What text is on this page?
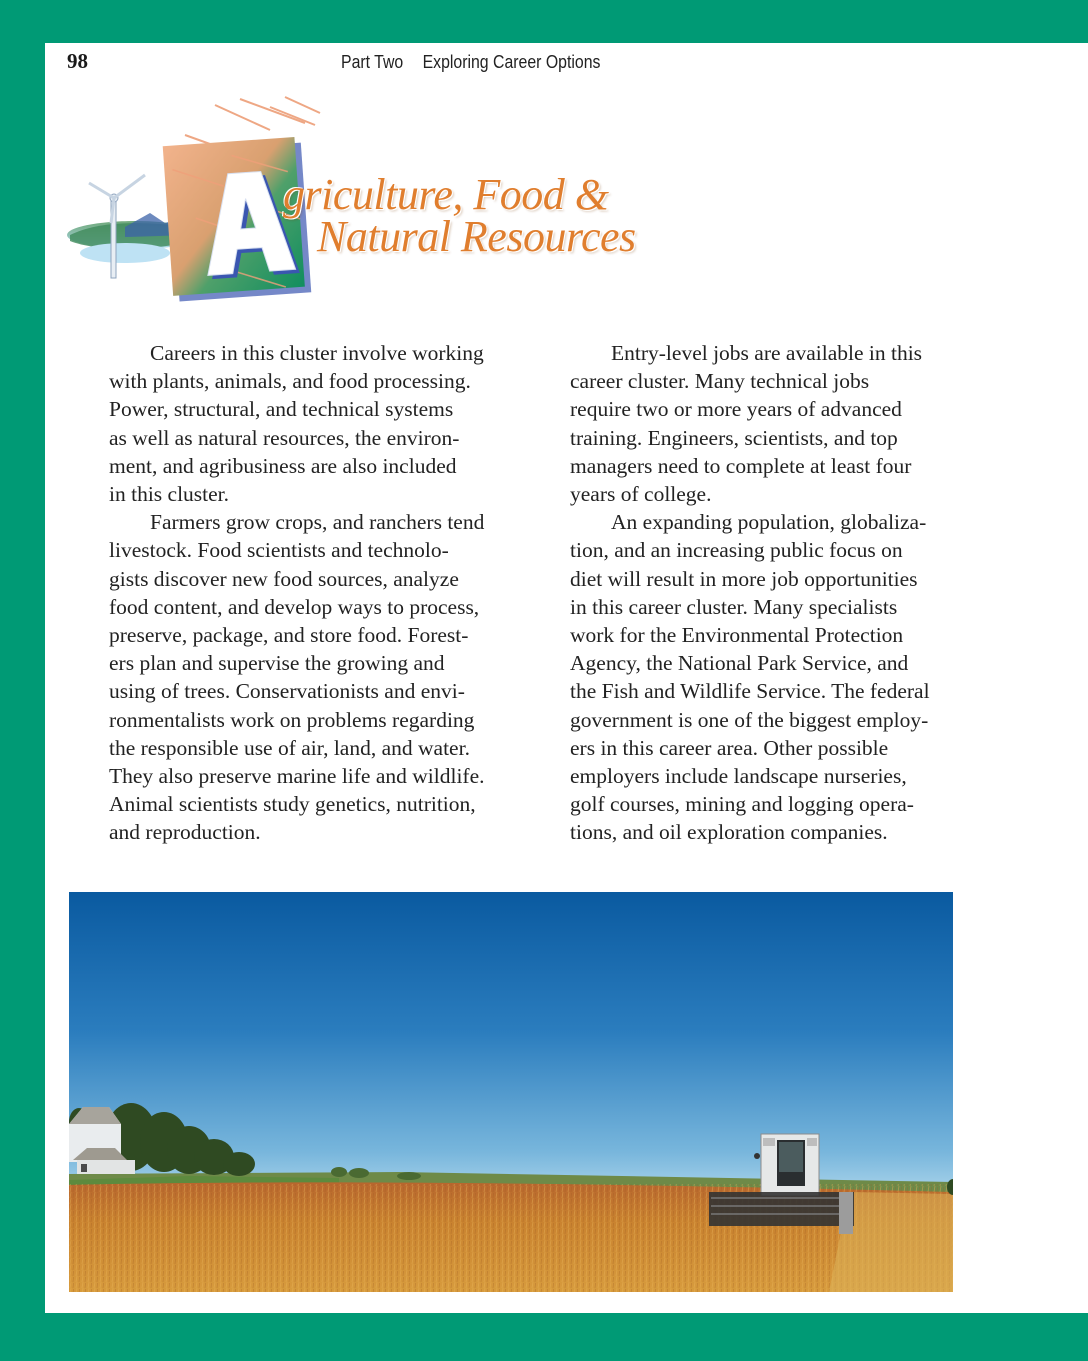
98	Part Two Exploring Career Options
griculture, Food &
Natural Resources

Careers in this cluster involve working
with plants, animals, and food processing.
Power, structural, and technical systems
as well as natural resources, the environ-
ment, and agribusiness are also included
in this cluster.

Farmers grow crops, and ranchers tend
livestock. Food scientists and technolo-
gists discover new food sources, analyze
food content, and develop ways to process,
preserve, package, and store food. Forest-
ers plan and supervise the growing and
using of trees. Conservationists and envi-
ronmentalists work on problems regarding
the responsible use of air, land, and water.
They also preserve marine life and wildlife.
Animal scientists study genetics, nutrition,
and reproduction.

Entry-level jobs are available in this
career cluster. Many technical jobs
require two or more years of advanced
training. Engineers, scientists, and top
managers need to complete at least four
years of college.

An expanding population, globaliza-
tion, and an increasing public focus on
diet will result in more job opportunities
in this career cluster. Many specialists
work for the Environmental Protection
Agency, the National Park Service, and
the Fish and Wildlife Service. The federal
government is one of the biggest employ-
ers in this career area. Other possible
employers include landscape nurseries,
golf courses, mining and logging opera-
tions, and oil exploration companies.
